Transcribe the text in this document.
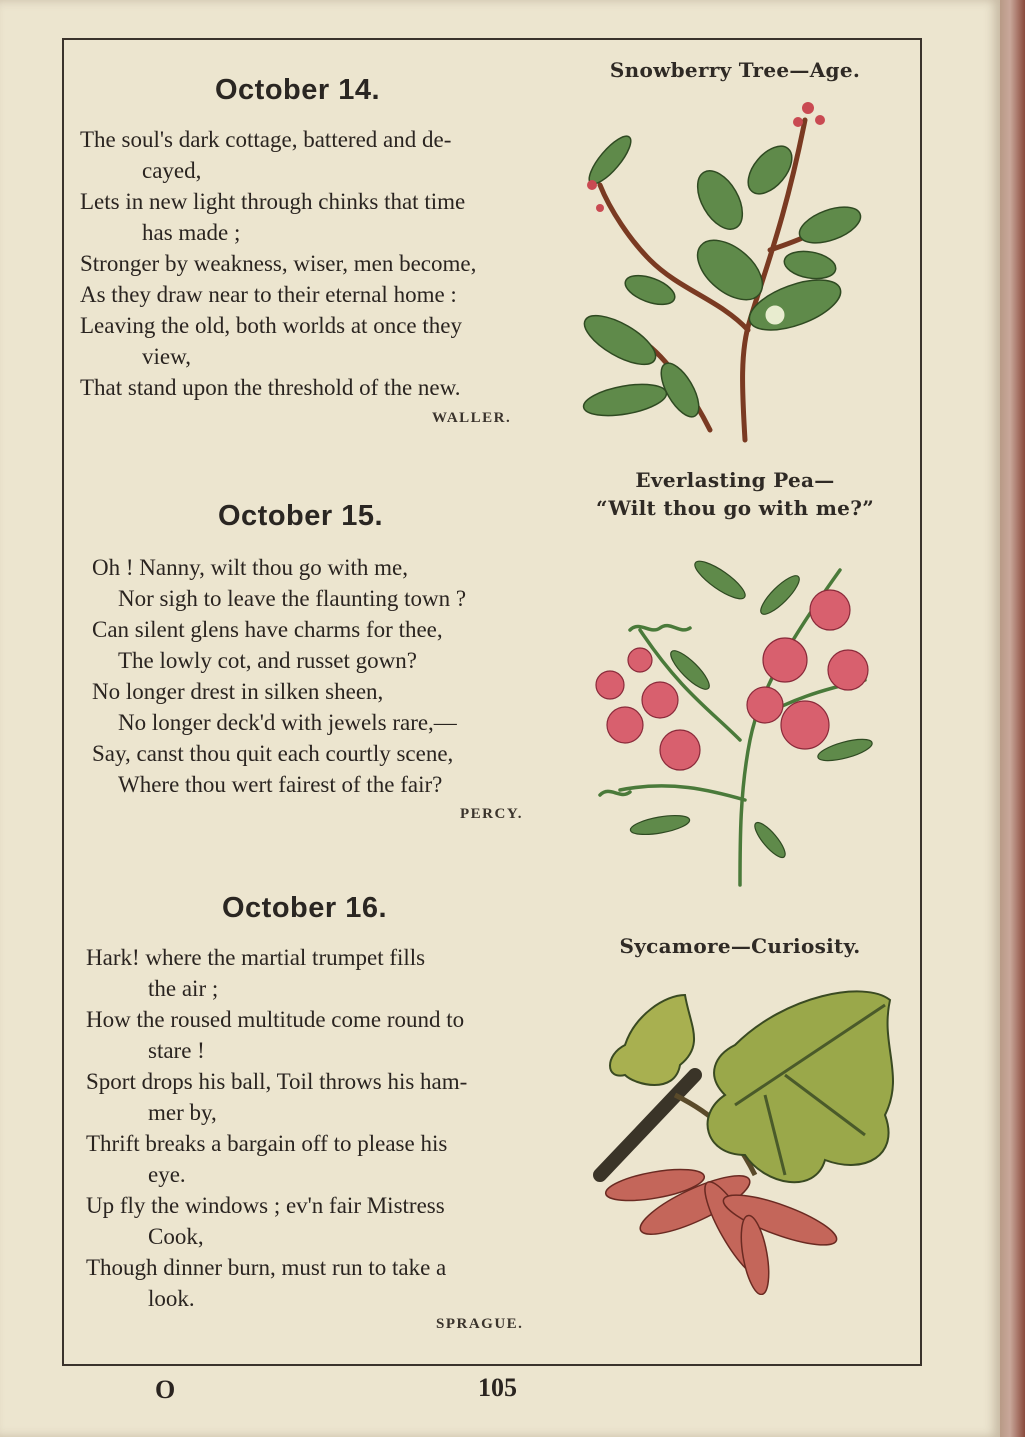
October 14.
The soul's dark cottage, battered and de-
cayed,
Lets in new light through chinks that time
has made ;
Stronger by weakness, wiser, men become,
As they draw near to their eternal home :
Leaving the old, both worlds at once they
view,
That stand upon the threshold of the new.
WALLER.
October 15.
Oh ! Nanny, wilt thou go with me,
Nor sigh to leave the flaunting town ?
Can silent glens have charms for thee,
The lowly cot, and russet gown?
No longer drest in silken sheen,
No longer deck'd with jewels rare,—
Say, canst thou quit each courtly scene,
Where thou wert fairest of the fair?
PERCY.
October 16.
Hark! where the martial trumpet fills
the air ;
How the roused multitude come round to
stare !
Sport drops his ball, Toil throws his ham-
mer by,
Thrift breaks a bargain off to please his
eye.
Up fly the windows ; ev'n fair Mistress
Cook,
Though dinner burn, must run to take a
look.
SPRAGUE.
Snowberry Tree—Age.
Everlasting Pea—
“Wilt thou go with me?”
Sycamore—Curiosity.
O	105
